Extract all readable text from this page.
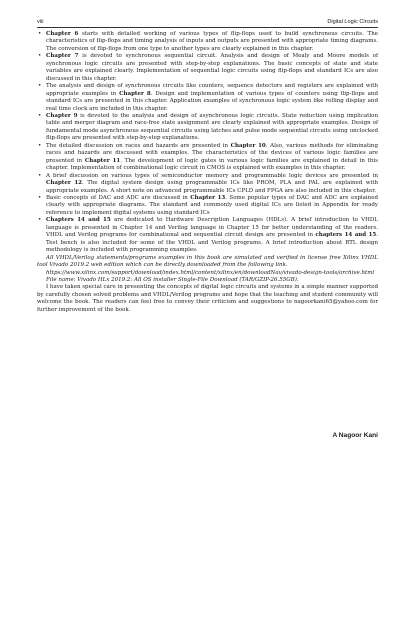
viii	Digital Logic Circuits
• Chapter 6 starts with detailed working of various types of flip-flops used to build synchronous circuits. The characteristics of flip-flops and timing analysis of inputs and outputs are presented with appropriate timing diagrams. The conversion of flip-flops from one type to another types are clearly explained in this chapter.
• Chapter 7 is devoted to synchronous sequential circuit. Analysis and design of Mealy and Moore models of synchronous logic circuits are presented with step-by-step explanations. The basic concepts of state and state variables are explained clearly. Implementation of sequential logic circuits using flip-flops and standard ICs are also discussed in this chapter.
• The analysis and design of synchronous circuits like counters, sequence detectors and registers are explained with appropriate examples in Chapter 8. Design and implementation of various types of counters using flip-flops and standard ICs are presented in this chapter. Application examples of synchronous logic system like rolling display and real time clock are included in this chapter.
• Chapter 9 is devoted to the analysis and design of asynchronous logic circuits. State reduction using implication table and merger diagram and race-free state assignment are clearly explained with appropriate examples. Design of fundamental mode asynchronous sequential circuits using latches and pulse mode sequential circuits using unclocked flip-flops are presented with step-by-step explanations.
• The detailed discussion on races and hazards are presented in Chapter 10. Also, various methods for eliminating races and hazards are discussed with examples. The characteristics of the devices of various logic families are presented in Chapter 11. The development of logic gates in various logic families are explained in detail in this chapter. Implementation of combinational logic circuit in CMOS is explained with examples in this chapter.
• A brief discussion on various types of semiconductor memory and programmable logic devices are presented in Chapter 12. The digital system design using programmable ICs like PROM, PLA and PAL are explained with appropriate examples. A short note on advanced programmable ICs CPLD and FPGA are also included in this chapter.
• Basic concepts of DAC and ADC are discussed in Chapter 13. Some popular types of DAC and ADC are explained clearly with appropriate diagrams. The standard and commonly used digital ICs are listed in Appendix for ready reference to implement digital systems using standard ICs
• Chapters 14 and 15 are dedicated to Hardware Description Languages (HDLs). A brief introduction to VHDL language is presented in Chapter 14 and Verilog language in Chapter 15 for better understanding of the readers. VHDL and Verilog programs for combinational and sequential circuit design are presented in chapters 14 and 15. Test bench is also included for some of the VHDL and Verilog programs. A brief introduction about RTL design methodology is included with programming examples.

All VHDL/Verilog statements/programs examples in this book are simulated and verified in license free Xilinx VHDL tool Vivado 2019.2 web edition which can be directly downloaded from the following link.

https://www.xilinx.com/support/download/index.html/content/xilinx/en/downloadNav/vivado-design-tools/archive.html

File name: Vivado HLx 2019.2: All OS installer Single-File Download (TAR/GZIP-26.55GB).

I have taken special care in presenting the concepts of digital logic circuits and systems in a simple manner supported by carefully chosen solved problems and VHDL/Verilog programs and hope that the teaching and student community will welcome the book. The readers can feel free to convey their criticism and suggestions to nagoorkani65@yahoo.com for further improvement of the book.

A Nagoor Kani
